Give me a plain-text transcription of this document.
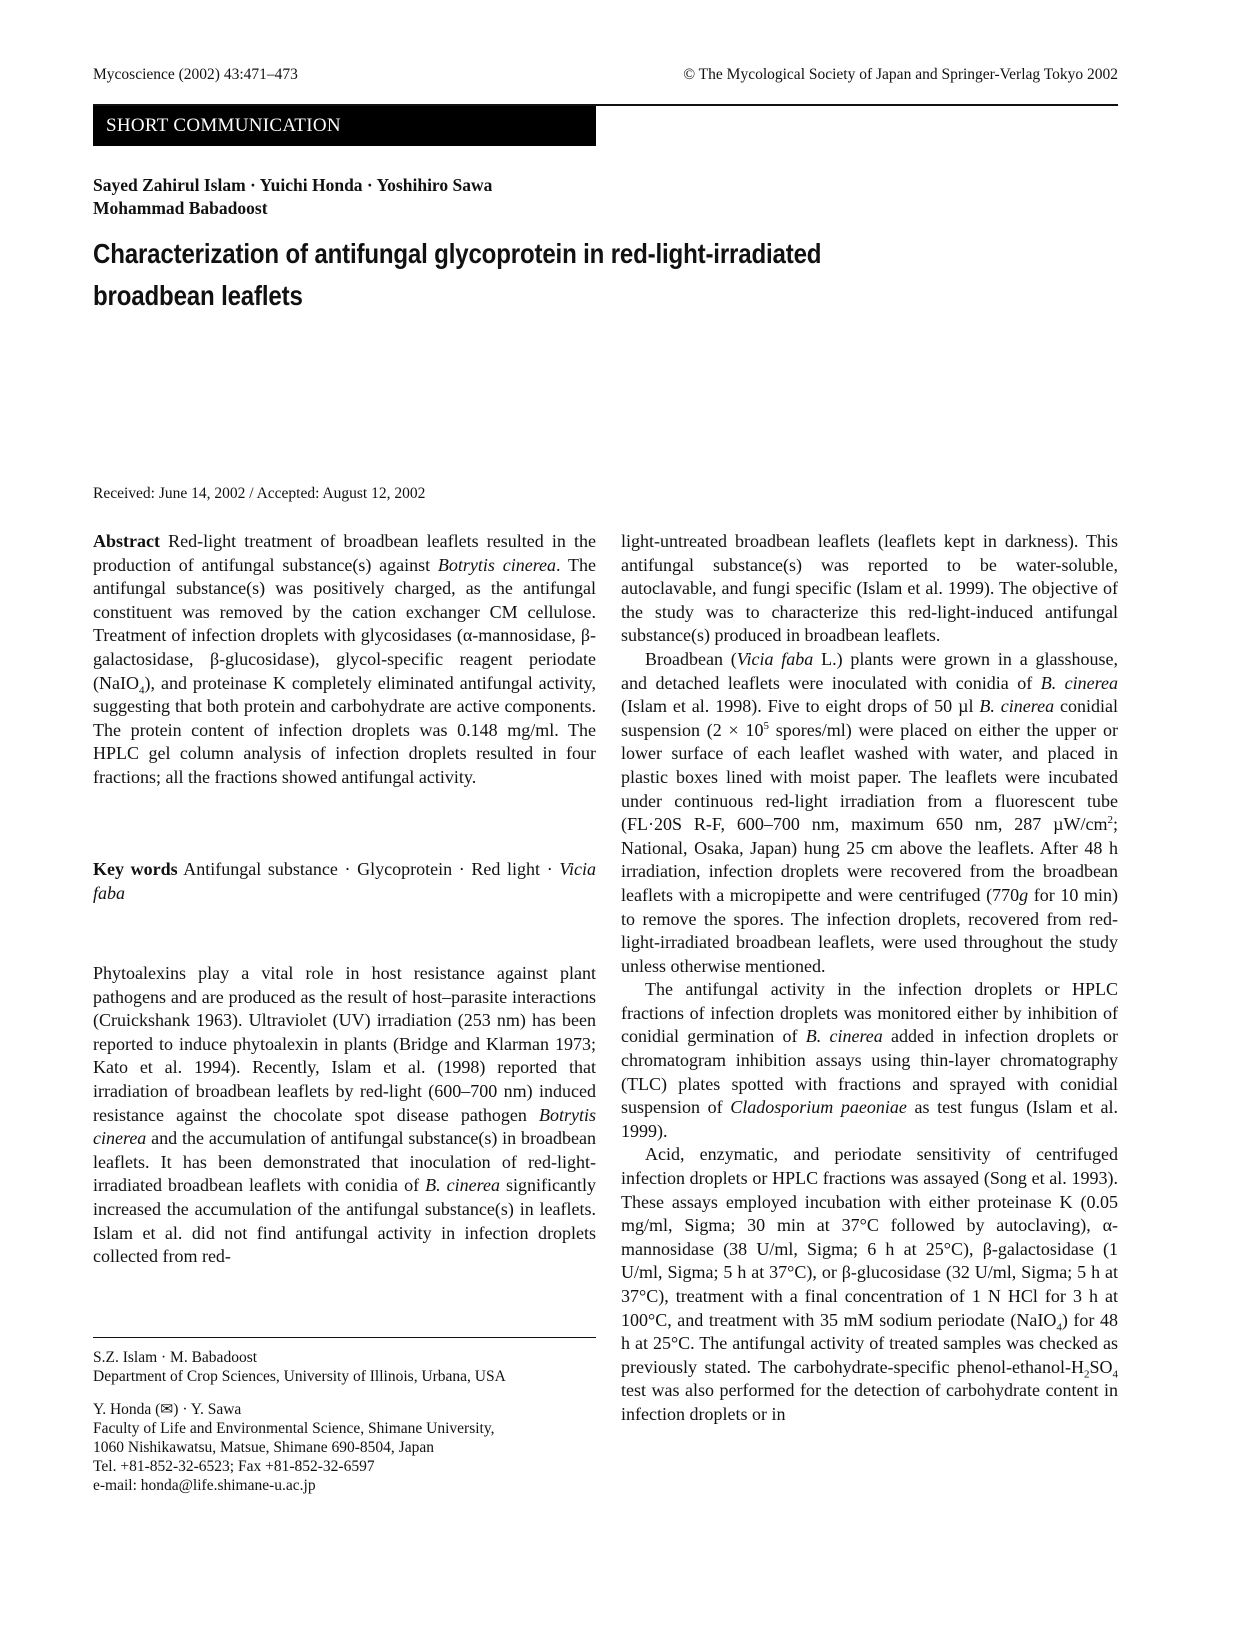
Mycoscience (2002) 43:471–473	© The Mycological Society of Japan and Springer-Verlag Tokyo 2002
SHORT COMMUNICATION
Sayed Zahirul Islam · Yuichi Honda · Yoshihiro Sawa
Mohammad Babadoost
Characterization of antifungal glycoprotein in red-light-irradiated
broadbean leaflets
Received: June 14, 2002 / Accepted: August 12, 2002

Abstract Red-light treatment of broadbean leaflets resulted in the production of antifungal substance(s) against Botrytis cinerea. The antifungal substance(s) was positively charged, as the antifungal constituent was removed by the cation exchanger CM cellulose. Treatment of infection droplets with glycosidases (α-mannosidase, β-galactosidase, β-glucosidase), glycol-specific reagent periodate (NaIO$_4$), and proteinase K completely eliminated antifungal activity, suggesting that both protein and carbohydrate are active components. The protein content of infection droplets was 0.148 mg/ml. The HPLC gel column analysis of infection droplets resulted in four fractions; all the fractions showed antifungal activity.

Key words Antifungal substance · Glycoprotein · Red light · Vicia faba

Phytoalexins play a vital role in host resistance against plant pathogens and are produced as the result of host–parasite interactions (Cruickshank 1963). Ultraviolet (UV) irradiation (253 nm) has been reported to induce phytoalexin in plants (Bridge and Klarman 1973; Kato et al. 1994). Recently, Islam et al. (1998) reported that irradiation of broadbean leaflets by red-light (600–700 nm) induced resistance against the chocolate spot disease pathogen Botrytis cinerea and the accumulation of antifungal substance(s) in broadbean leaflets. It has been demonstrated that inoculation of red-light-irradiated broadbean leaflets with conidia of B. cinerea significantly increased the accumulation of the antifungal substance(s) in leaflets. Islam et al. did not find antifungal activity in infection droplets collected from red-

S.Z. Islam · M. Babadoost
Department of Crop Sciences, University of Illinois, Urbana, USA
Y. Honda (✉) · Y. Sawa
Faculty of Life and Environmental Science, Shimane University,
1060 Nishikawatsu, Matsue, Shimane 690-8504, Japan
Tel. +81-852-32-6523; Fax +81-852-32-6597
e-mail: honda@life.shimane-u.ac.jp

light-untreated broadbean leaflets (leaflets kept in darkness). This antifungal substance(s) was reported to be water-soluble, autoclavable, and fungi specific (Islam et al. 1999). The objective of the study was to characterize this red-light-induced antifungal substance(s) produced in broadbean leaflets.

Broadbean (Vicia faba L.) plants were grown in a glasshouse, and detached leaflets were inoculated with conidia of B. cinerea (Islam et al. 1998). Five to eight drops of 50 µl B. cinerea conidial suspension ($2 \times 10^5$ spores/ml) were placed on either the upper or lower surface of each leaflet washed with water, and placed in plastic boxes lined with moist paper. The leaflets were incubated under continuous red-light irradiation from a fluorescent tube (FL·20S R-F, 600–700 nm, maximum 650 nm, 287 $\mu W/cm^2$; National, Osaka, Japan) hung 25 cm above the leaflets. After 48 h irradiation, infection droplets were recovered from the broadbean leaflets with a micropipette and were centrifuged (770g for 10 min) to remove the spores. The infection droplets, recovered from red-light-irradiated broadbean leaflets, were used throughout the study unless otherwise mentioned.

The antifungal activity in the infection droplets or HPLC fractions of infection droplets was monitored either by inhibition of conidial germination of B. cinerea added in infection droplets or chromatogram inhibition assays using thin-layer chromatography (TLC) plates spotted with fractions and sprayed with conidial suspension of Cladosporium paeoniae as test fungus (Islam et al. 1999).

Acid, enzymatic, and periodate sensitivity of centrifuged infection droplets or HPLC fractions was assayed (Song et al. 1993). These assays employed incubation with either proteinase K (0.05 mg/ml, Sigma; 30 min at 37°C followed by autoclaving), α-mannosidase (38 U/ml, Sigma; 6 h at 25°C), β-galactosidase (1 U/ml, Sigma; 5 h at 37°C), or β-glucosidase (32 U/ml, Sigma; 5 h at 37°C), treatment with a final concentration of 1 N HCl for 3 h at 100°C, and treatment with 35 mM sodium periodate (NaIO$_4$) for 48 h at 25°C. The antifungal activity of treated samples was checked as previously stated. The carbohydrate-specific phenol-$ethanol-H_2SO_4$ test was also performed for the detection of carbohydrate content in infection droplets or in
